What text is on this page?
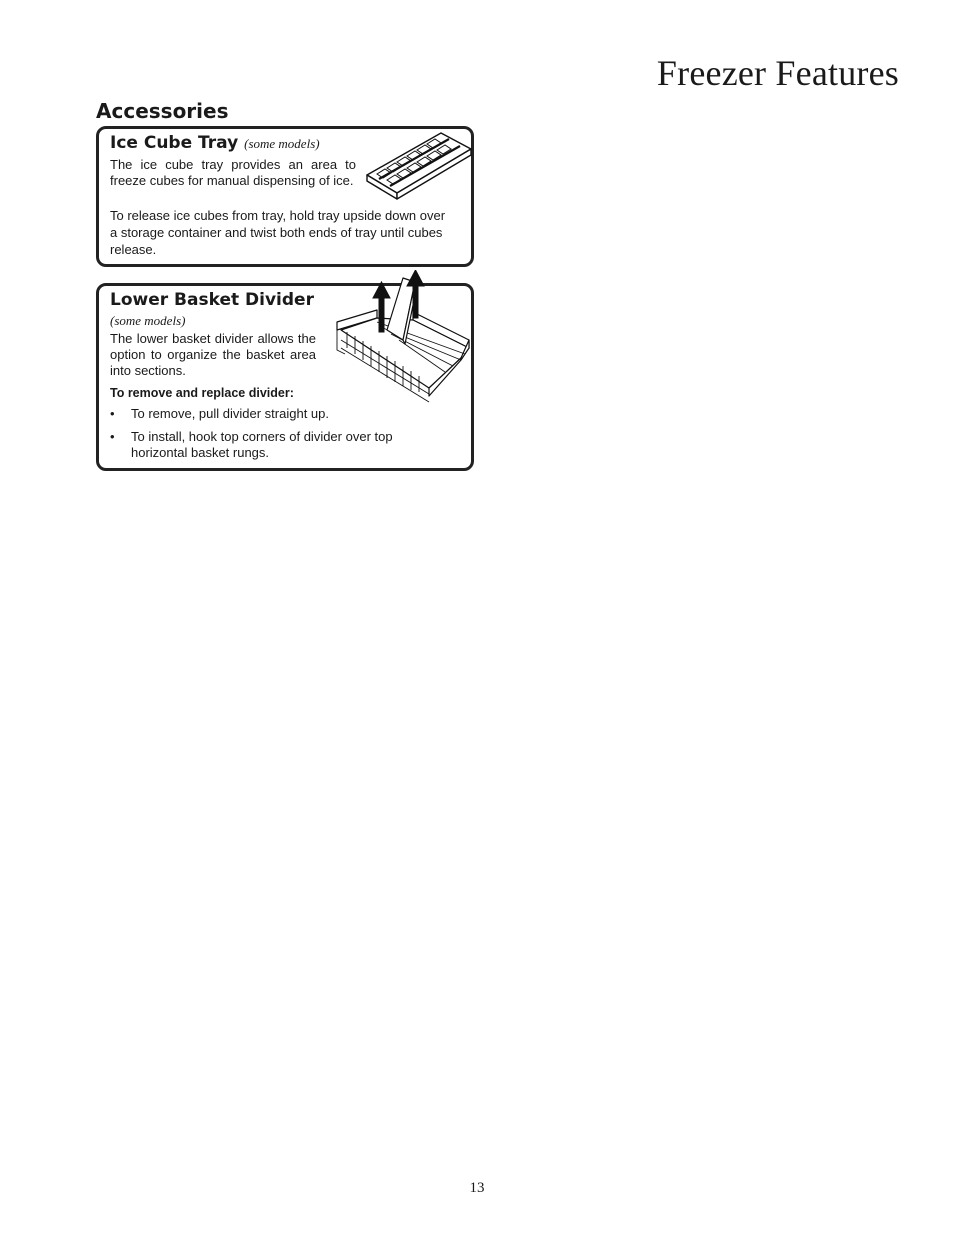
Freezer Features
Accessories
Ice Cube Tray (some models)

The ice cube tray provides an area to freeze cubes for manual dispensing of ice.

To release ice cubes from tray, hold tray upside down over a storage container and twist both ends of tray until cubes release.

Lower Basket Divider

(some models)

The lower basket divider allows the option to organize the basket area into sections.

To remove and replace divider:

• To remove, pull divider straight up.
• To install, hook top corners of divider over top horizontal basket rungs.
13
